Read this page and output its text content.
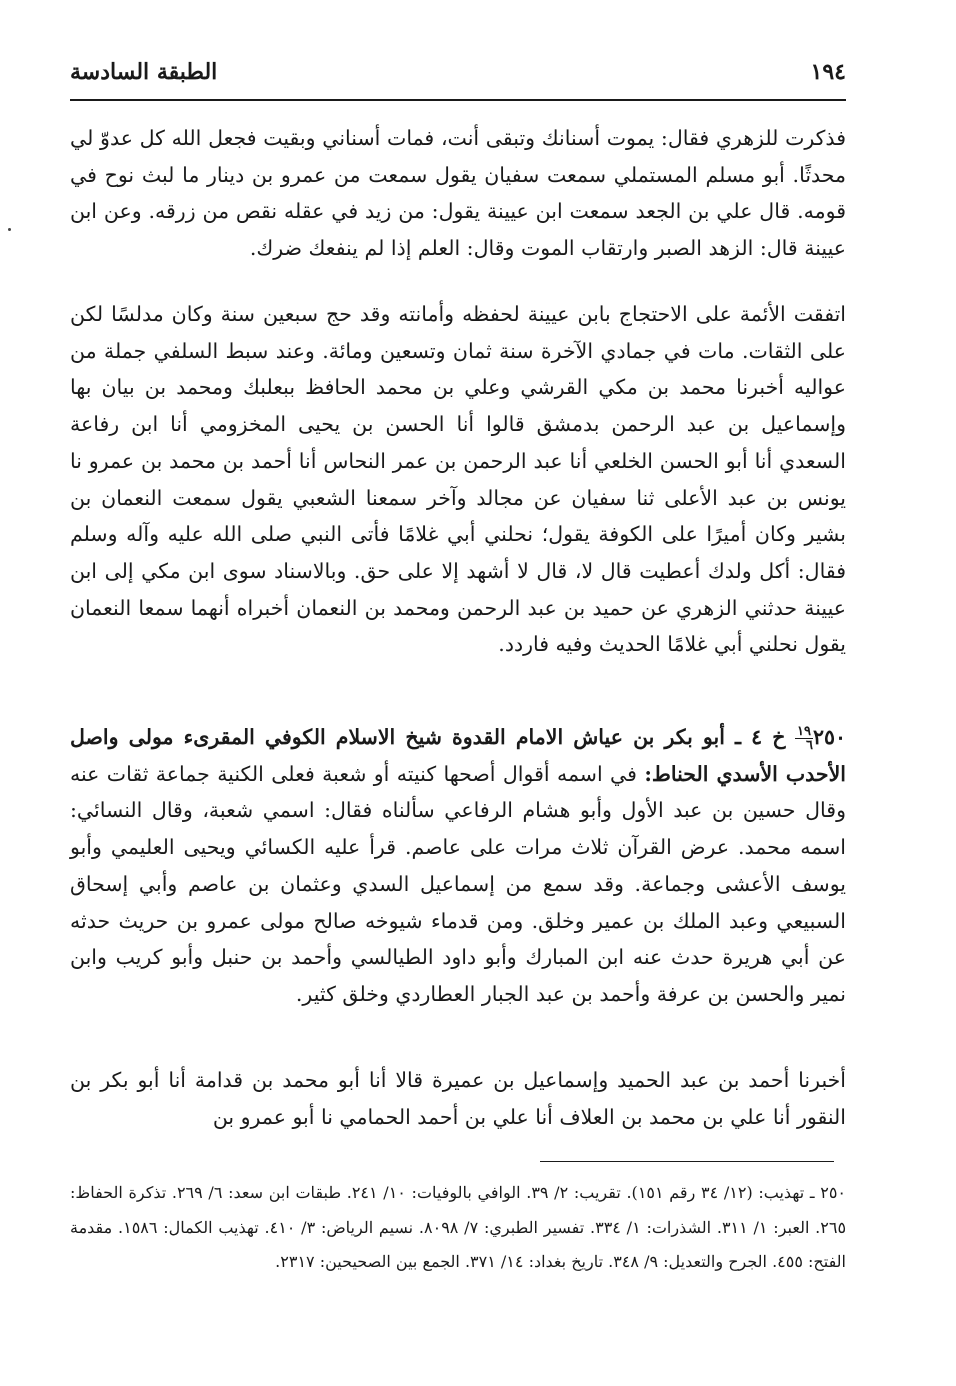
الطبقة السادسة	١٩٤

فذكرت للزهري فقال: يموت أسنانك وتبقى أنت، فمات أسناني وبقيت فجعل الله كل عدوّ لي محدثًا. أبو مسلم المستملي سمعت سفيان يقول سمعت من عمرو بن دينار ما لبث نوح في قومه. قال علي بن الجعد سمعت ابن عيينة يقول: من زيد في عقله نقص من زرقه. وعن ابن عيينة قال: الزهد الصبر وارتقاب الموت وقال: العلم إذا لم ينفعك ضرك.

اتفقت الأئمة على الاحتجاج بابن عيينة لحفظه وأمانته وقد حج سبعين سنة وكان مدلسًا لكن على الثقات. مات في جمادي الآخرة سنة ثمان وتسعين ومائة. وعند سبط السلفي جملة من عواليه أخبرنا محمد بن مكي القرشي وعلي بن محمد الحافظ ببعلبك ومحمد بن بيان بها وإسماعيل بن عبد الرحمن بدمشق قالوا أنا الحسن بن يحيى المخزومي أنا ابن رفاعة السعدي أنا أبو الحسن الخلعي أنا عبد الرحمن بن عمر النحاس أنا أحمد بن محمد بن عمرو نا يونس بن عبد الأعلى ثنا سفيان عن مجالد وآخر سمعنا الشعبي يقول سمعت النعمان بن بشير وكان أميرًا على الكوفة يقول؛ نحلني أبي غلامًا فأتى النبي صلى الله عليه وآله وسلم فقال: أكل ولدك أعطيت قال لا، قال لا أشهد إلا على حق. وبالاسناد سوى ابن مكي إلى ابن عيينة حدثني الزهري عن حميد بن عبد الرحمن ومحمد بن النعمان أخبراه أنهما سمعا النعمان يقول نحلني أبي غلامًا الحديث وفيه فاردد.

٢٥٠
$\frac{١٩}{٦}$
خ ٤ ـ أبو بكر بن عياش الامام القدوة شيخ الاسلام الكوفي المقرىء مولى واصل الأحدب الأسدي الحناط: في اسمه أقوال أصحها كنيته أو شعبة فعلى الكنية جماعة ثقات عنه وقال حسين بن عبد الأول وأبو هشام الرفاعي سألناه فقال: اسمي شعبة، وقال النسائي: اسمه محمد. عرض القرآن ثلاث مرات على عاصم. قرأ عليه الكسائي ويحيى العليمي وأبو يوسف الأعشى وجماعة. وقد سمع من إسماعيل السدي وعثمان بن عاصم وأبي إسحاق السبيعي وعبد الملك بن عمير وخلق. ومن قدماء شيوخه صالح مولى عمرو بن حريث حدثه عن أبي هريرة حدث عنه ابن المبارك وأبو داود الطيالسي وأحمد بن حنبل وأبو كريب وابن نمير والحسن بن عرفة وأحمد بن عبد الجبار العطاردي وخلق كثير.

أخبرنا أحمد بن عبد الحميد وإسماعيل بن عميرة قالا أنا أبو محمد بن قدامة أنا أبو بكر بن النقور أنا علي بن محمد بن العلاف أنا علي بن أحمد الحمامي نا أبو عمرو بن

٢٥٠ ـ تهذيب: (١٢/ ٣٤ رقم ١٥١). تقريب: ٢/ ٣٩. الوافي بالوفيات: ١٠/ ٢٤١. طبقات ابن سعد: ٦/ ٢٦٩. تذكرة الحفاظ: ٢٦٥. العبر: ١/ ٣١١. الشذرات: ١/ ٣٣٤. تفسير الطبري: ٧/ ٨٠٩٨. نسيم الرياض: ٣/ ٤١٠. تهذيب الكمال: ١٥٨٦. مقدمة الفتح: ٤٥٥. الجرح والتعديل: ٩/ ٣٤٨. تاريخ بغداد: ١٤/ ٣٧١. الجمع بين الصحيحين: ٢٣١٧.
